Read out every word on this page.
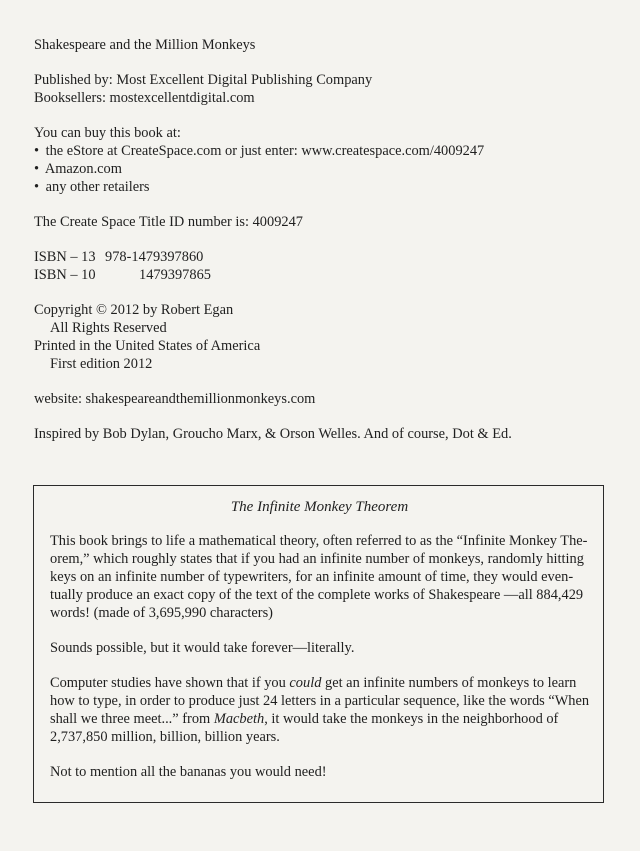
Shakespeare and the Million Monkeys
Published by: Most Excellent Digital Publishing Company
Booksellers: mostexcellentdigital.com
You can buy this book at:
• the eStore at CreateSpace.com or just enter: www.createspace.com/4009247
• Amazon.com
• any other retailers
The Create Space Title ID number is: 4009247
ISBN – 13 978-1479397860
ISBN – 10	1479397865
Copyright © 2012 by Robert Egan
All Rights Reserved
Printed in the United States of America
First edition 2012
website: shakespeareandthemillionmonkeys.com
Inspired by Bob Dylan, Groucho Marx, & Orson Welles. And of course, Dot & Ed.
The Infinite Monkey Theorem

This book brings to life a mathematical theory, often referred to as the “Infinite Monkey The-
orem,” which roughly states that if you had an infinite number of monkeys, randomly hitting
keys on an infinite number of typewriters, for an infinite amount of time, they would even-
tually produce an exact copy of the text of the complete works of Shakespeare —all 884,429
words! (made of 3,695,990 characters)

Sounds possible, but it would take forever—literally.

Computer studies have shown that if you could get an infinite numbers of monkeys to learn
how to type, in order to produce just 24 letters in a particular sequence, like the words “When
shall we three meet...” from Macbeth, it would take the monkeys in the neighborhood of
2,737,850 million, billion, billion years.

Not to mention all the bananas you would need!
